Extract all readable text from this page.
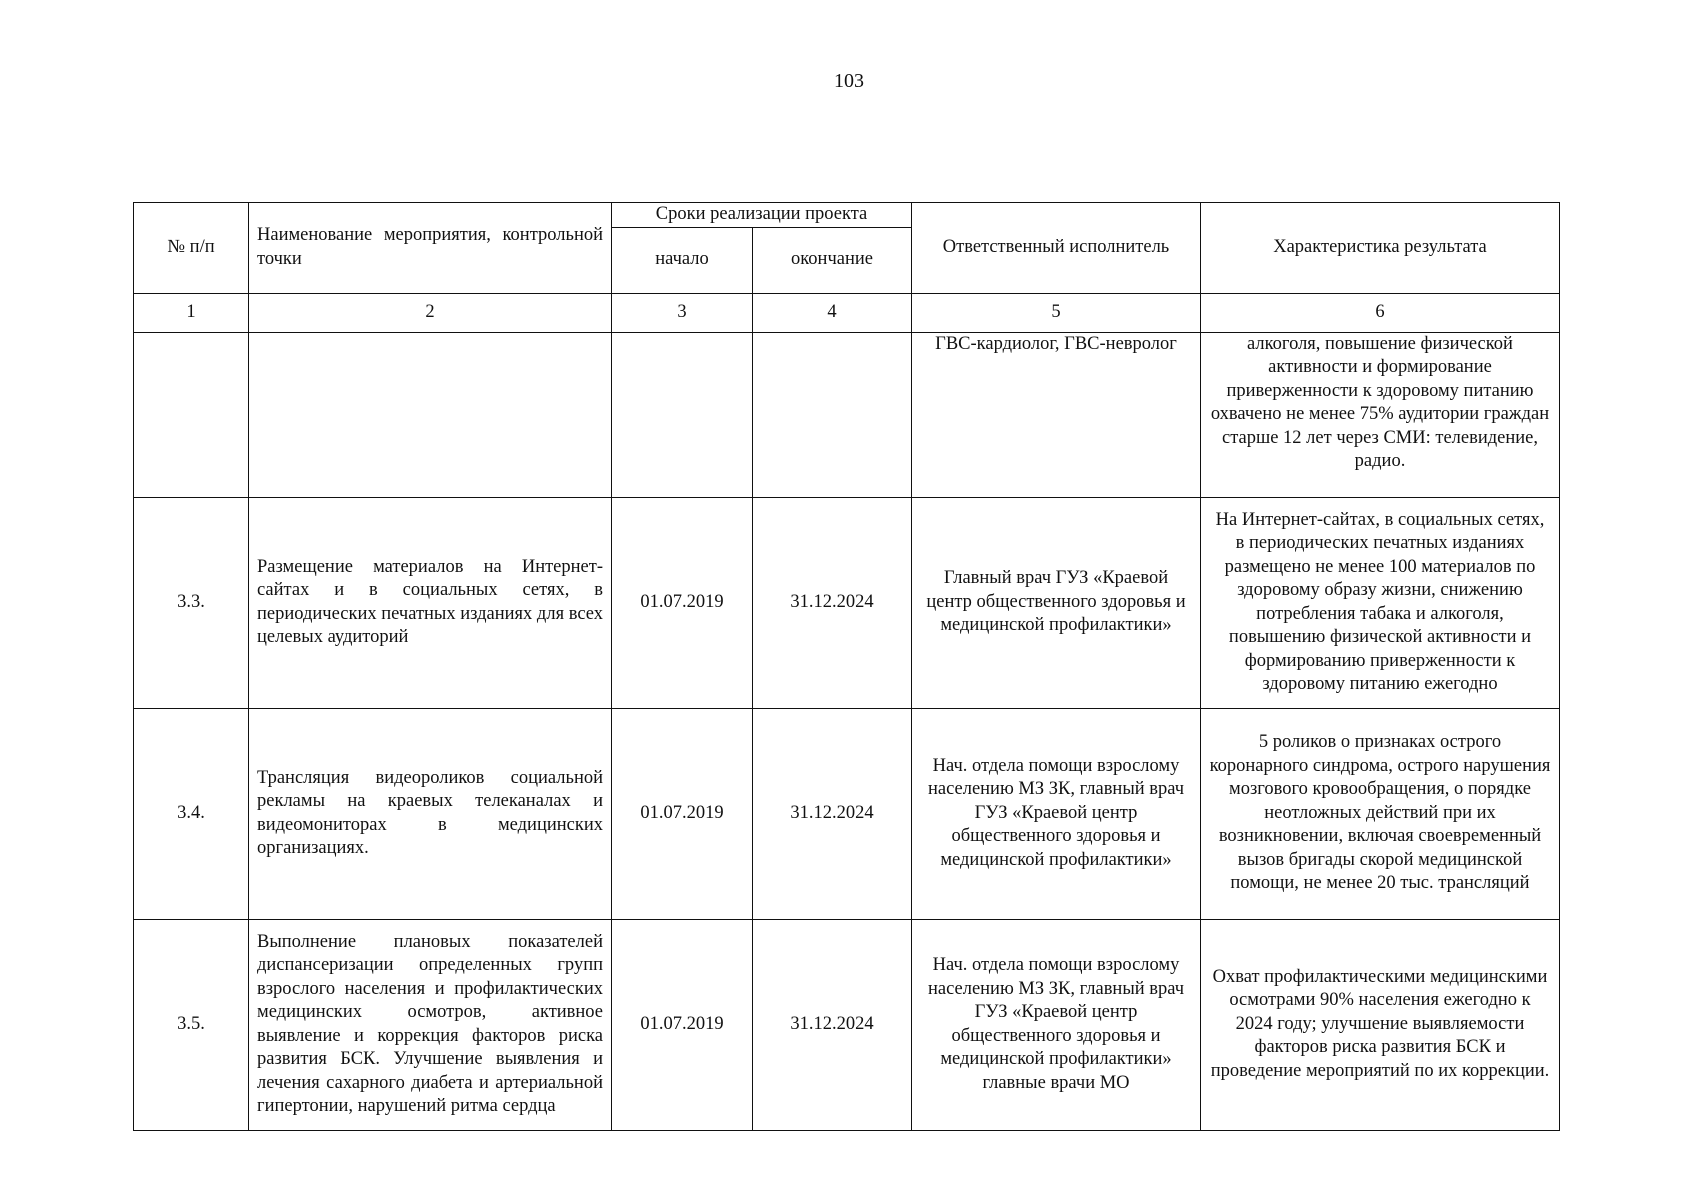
103
№ п/п	Наименование мероприятия, контрольной точки	Сроки реализации проекта		Ответственный исполнитель	Характеристика результата
		начало	окончание		
1	2	3	4	5	6
				ГВС-кардиолог, ГВС-невролог	алкоголя, повышение физической активности и формирование приверженности к здоровому питанию охвачено не менее 75% аудитории граждан старше 12 лет через СМИ: телевидение, радио.
3.3.	Размещение материалов на Интернет-сайтах и в социальных сетях, в периодических печатных изданиях для всех целевых аудиторий	01.07.2019	31.12.2024	Главный врач ГУЗ «Краевой центр общественного здоровья и медицинской профилактики»	На Интернет-сайтах, в социальных сетях, в периодических печатных изданиях размещено не менее 100 материалов по здоровому образу жизни, снижению потребления табака и алкоголя, повышению физической активности и формированию приверженности к здоровому питанию ежегодно
3.4.	Трансляция видеороликов социальной рекламы на краевых телеканалах и видеомониторах в медицинских организациях.	01.07.2019	31.12.2024	Нач. отдела помощи взрослому населению МЗ ЗК, главный врач ГУЗ «Краевой центр общественного здоровья и медицинской профилактики»	5 роликов о признаках острого коронарного синдрома, острого нарушения мозгового кровообращения, о порядке неотложных действий при их возникновении, включая своевременный вызов бригады скорой медицинской помощи, не менее 20 тыс. трансляций
3.5.	Выполнение плановых показателей диспансеризации определенных групп взрослого населения и профилактических медицинских осмотров, активное выявление и коррекция факторов риска развития БСК. Улучшение выявления и лечения сахарного диабета и артериальной гипертонии, нарушений ритма сердца	01.07.2019	31.12.2024	Нач. отдела помощи взрослому населению МЗ ЗК, главный врач ГУЗ «Краевой центр общественного здоровья и медицинской профилактики» главные врачи МО	Охват профилактическими медицинскими осмотрами 90% населения ежегодно к 2024 году; улучшение выявляемости факторов риска развития БСК и проведение мероприятий по их коррекции.
